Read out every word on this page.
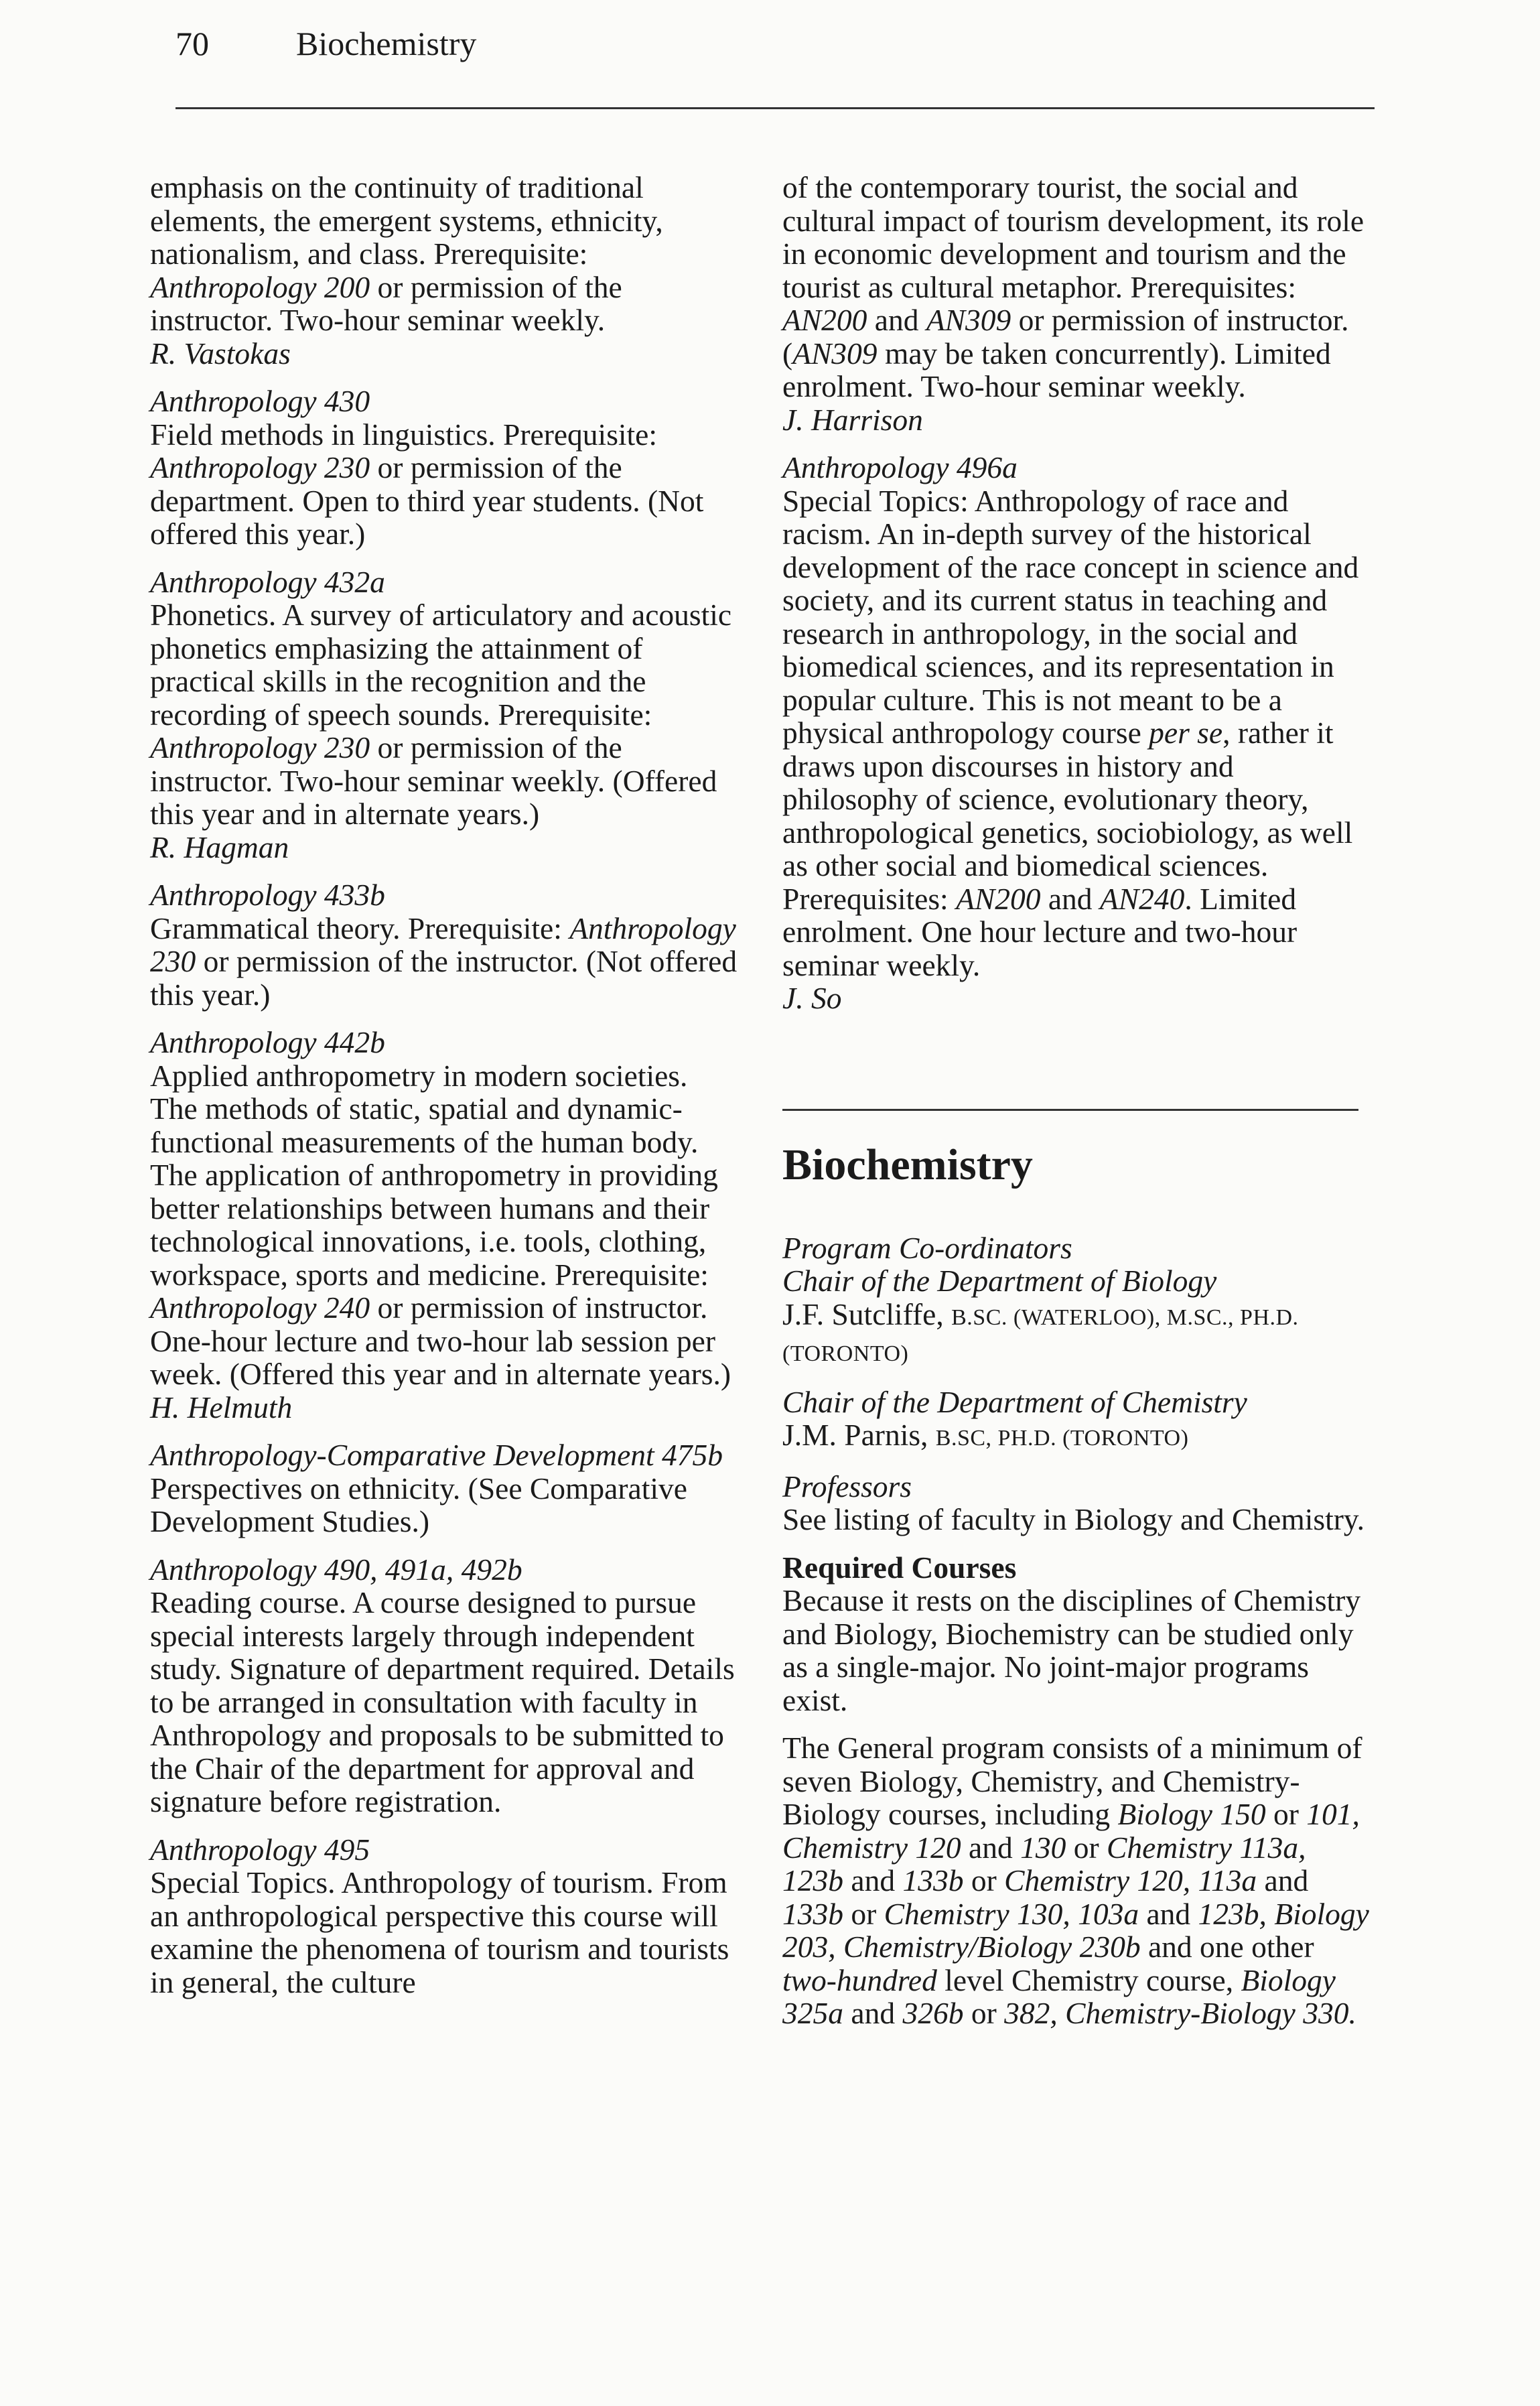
70	Biochemistry

emphasis on the continuity of traditional elements, the emergent systems, ethnicity, nationalism, and class. Prerequisite: Anthropology 200 or permission of the instructor. Two-hour seminar weekly.

R. Vastokas
Anthropology 430

Field methods in linguistics. Prerequisite: Anthropology 230 or permission of the department. Open to third year students. (Not offered this year.)

Anthropology 432a

Phonetics. A survey of articulatory and acoustic phonetics emphasizing the attainment of practical skills in the recognition and the recording of speech sounds. Prerequisite: Anthropology 230 or permission of the instructor. Two-hour seminar weekly. (Offered this year and in alternate years.)

R. Hagman
Anthropology 433b

Grammatical theory. Prerequisite: Anthropology 230 or permission of the instructor. (Not offered this year.)

Anthropology 442b

Applied anthropometry in modern societies. The methods of static, spatial and dynamic-functional measurements of the human body. The application of anthropometry in providing better relationships between humans and their technological innovations, i.e. tools, clothing, workspace, sports and medicine. Prerequisite: Anthropology 240 or permission of instructor. One-hour lecture and two-hour lab session per week. (Offered this year and in alternate years.)

H. Helmuth
Anthropology-Comparative Development 475b

Perspectives on ethnicity. (See Comparative Development Studies.)

Anthropology 490, 491a, 492b

Reading course. A course designed to pursue special interests largely through independent study. Signature of department required. Details to be arranged in consultation with faculty in Anthropology and proposals to be submitted to the Chair of the department for approval and signature before registration.

Anthropology 495

Special Topics. Anthropology of tourism. From an anthropological perspective this course will examine the phenomena of tourism and tourists in general, the culture

of the contemporary tourist, the social and cultural impact of tourism development, its role in economic development and tourism and the tourist as cultural metaphor. Prerequisites: AN200 and AN309 or permission of instructor. (AN309 may be taken concurrently). Limited enrolment. Two-hour seminar weekly.

J. Harrison
Anthropology 496a

Special Topics: Anthropology of race and racism. An in-depth survey of the historical development of the race concept in science and society, and its current status in teaching and research in anthropology, in the social and biomedical sciences, and its representation in popular culture. This is not meant to be a physical anthropology course per se, rather it draws upon discourses in history and philosophy of science, evolutionary theory, anthropological genetics, sociobiology, as well as other social and biomedical sciences. Prerequisites: AN200 and AN240. Limited enrolment. One hour lecture and two-hour seminar weekly.

J. So
Biochemistry
Program Co-ordinators
Chair of the Department of Biology

J.F. Sutcliffe, B.SC. (WATERLOO), M.SC., PH.D. (TORONTO)

Chair of the Department of Chemistry

J.M. Parnis, B.SC, PH.D. (TORONTO)

Professors

See listing of faculty in Biology and Chemistry.

Required Courses

Because it rests on the disciplines of Chemistry and Biology, Biochemistry can be studied only as a single-major. No joint-major programs exist.

The General program consists of a minimum of seven Biology, Chemistry, and Chemistry-Biology courses, including Biology 150 or 101, Chemistry 120 and 130 or Chemistry 113a, 123b and 133b or Chemistry 120, 113a and 133b or Chemistry 130, 103a and 123b, Biology 203, Chemistry/Biology 230b and one other two-hundred level Chemistry course, Biology 325a and 326b or 382, Chemistry-Biology 330.
